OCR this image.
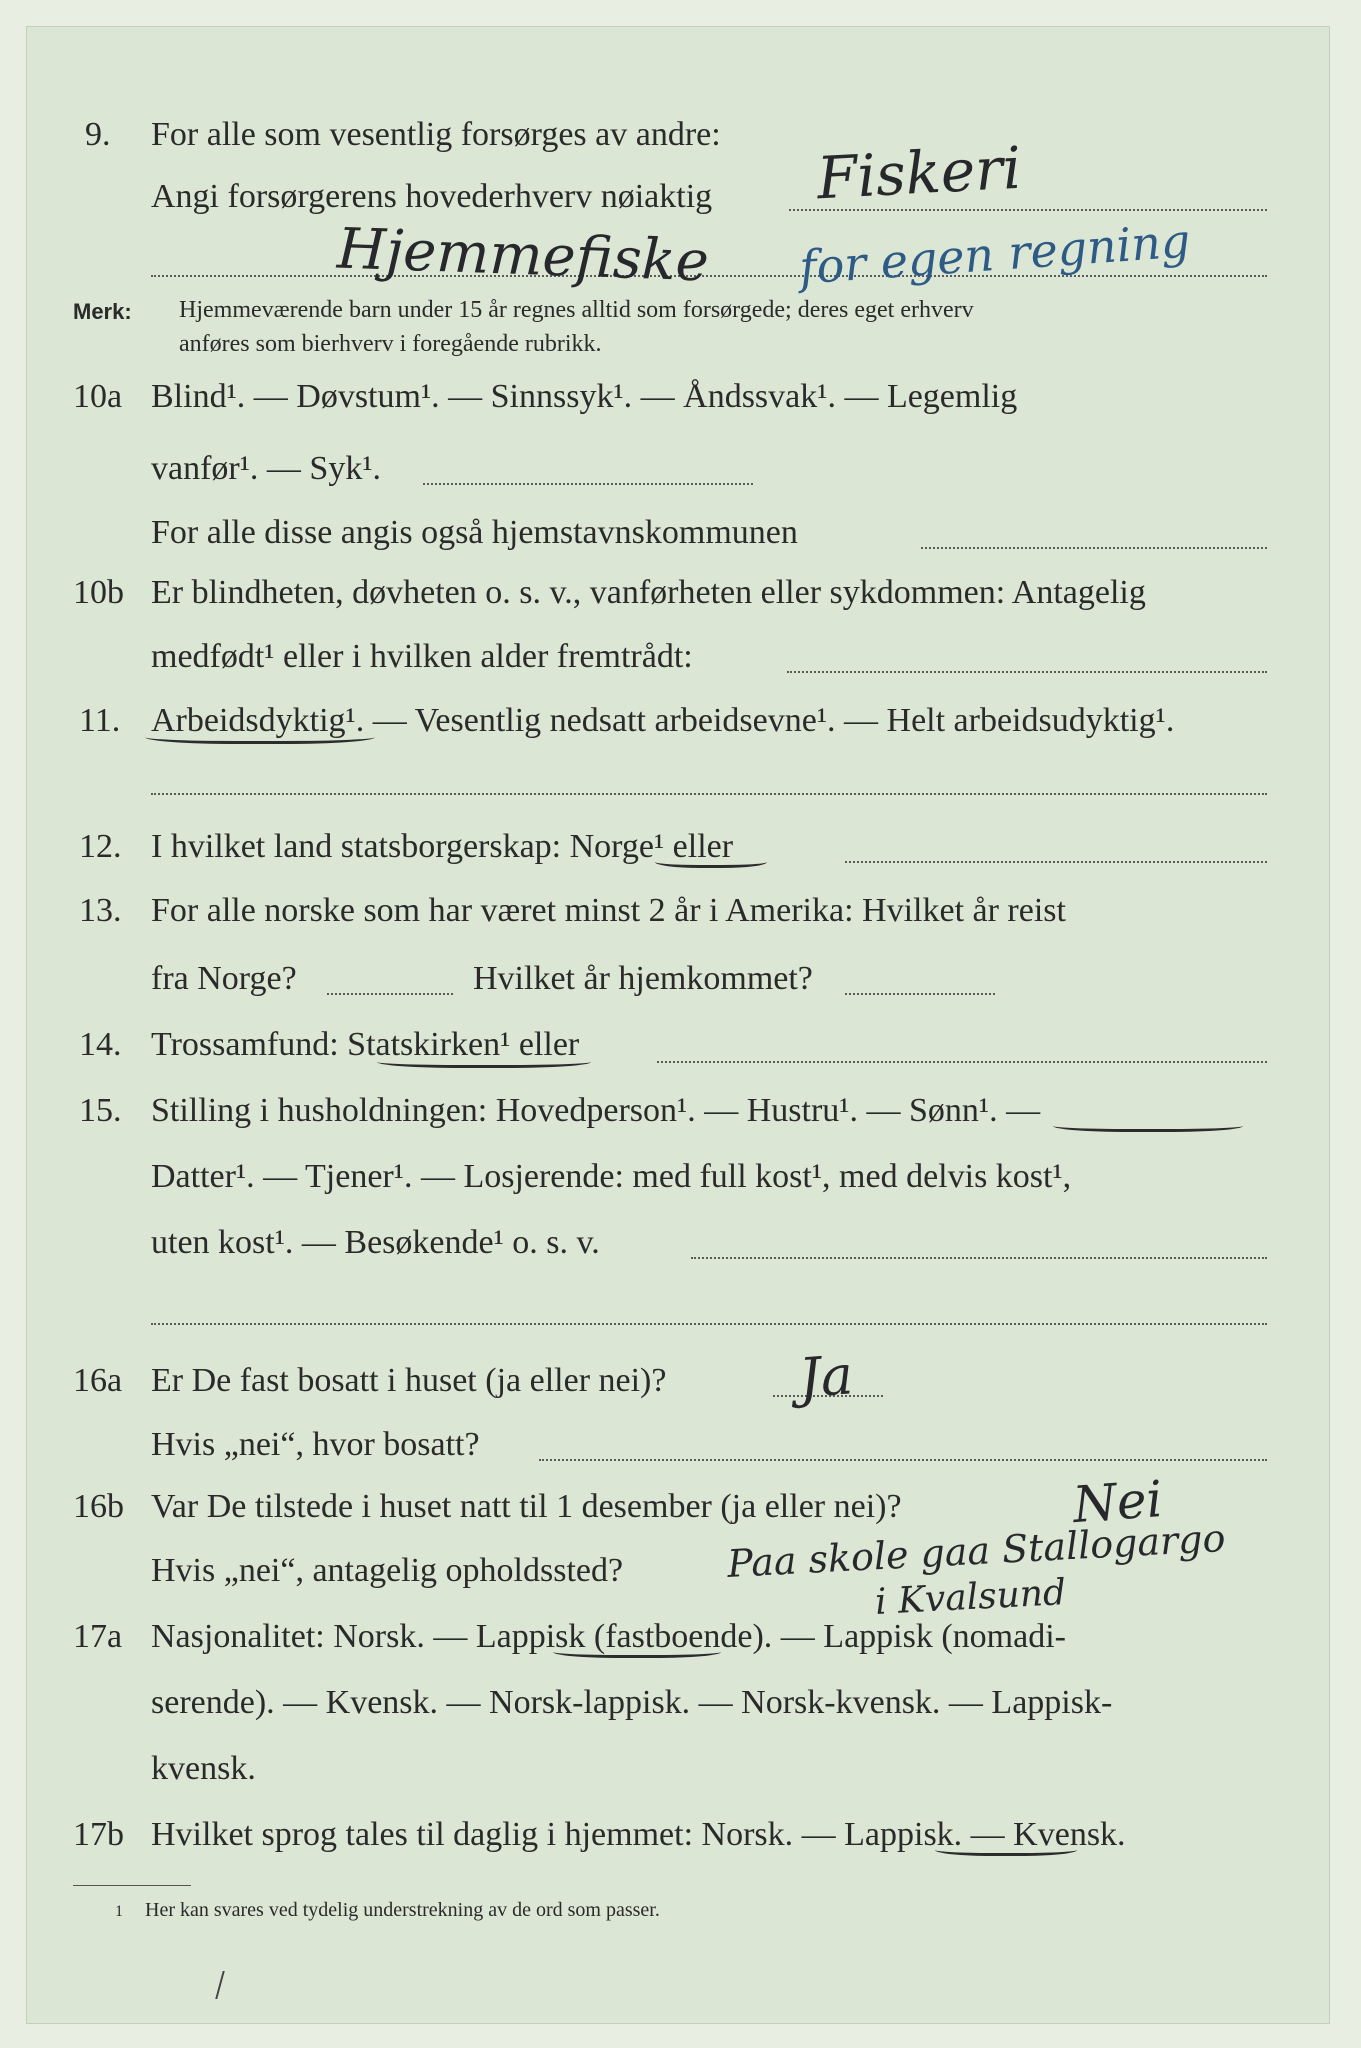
9. For alle som vesentlig forsørges av andre:
Angi forsørgerens hovederhverv nøiaktig Fiskeri
Hjemmefiske for egen regning
Merk: Hjemmeværende barn under 15 år regnes alltid som forsørgede; deres eget erhverv
anføres som bierhverv i foregående rubrikk.
10a Blind¹. — Døvstum¹. — Sinnssyk¹. — Åndssvak¹. — Legemlig
vanfør¹. — Syk¹.
For alle disse angis også hjemstavnskommunen
10b Er blindheten, døvheten o. s. v., vanførheten eller sykdommen: Antagelig
medfødt¹ eller i hvilken alder fremtrådt:
11. Arbeidsdyktig¹. — Vesentlig nedsatt arbeidsevne¹. — Helt arbeidsudyktig¹.
12. I hvilket land statsborgerskap: Norge¹ eller
13. For alle norske som har været minst 2 år i Amerika: Hvilket år reist
fra Norge?	Hvilket år hjemkommet?
14. Trossamfund: Statskirken¹ eller
15. Stilling i husholdningen: Hovedperson¹. — Hustru¹. — Sønn¹. —
Datter¹. — Tjener¹. — Losjerende: med full kost¹, med delvis kost¹,
uten kost¹. — Besøkende¹ o. s. v.
16a Er De fast bosatt i huset (ja eller nei)? Ja
Hvis „nei“, hvor bosatt?
16b Var De tilstede i huset natt til 1 desember (ja eller nei)?	Nei
Hvis „nei“, antagelig opholdssted?	Paa skole gaa Stallogargo
i Kvalsund
17a Nasjonalitet: Norsk. — Lappisk (fastboende). — Lappisk (nomadi-
serende). — Kvensk. — Norsk-lappisk. — Norsk-kvensk. — Lappisk-
kvensk.
17b Hvilket sprog tales til daglig i hjemmet: Norsk. — Lappisk. — Kvensk.
1 Her kan svares ved tydelig understrekning av de ord som passer.
